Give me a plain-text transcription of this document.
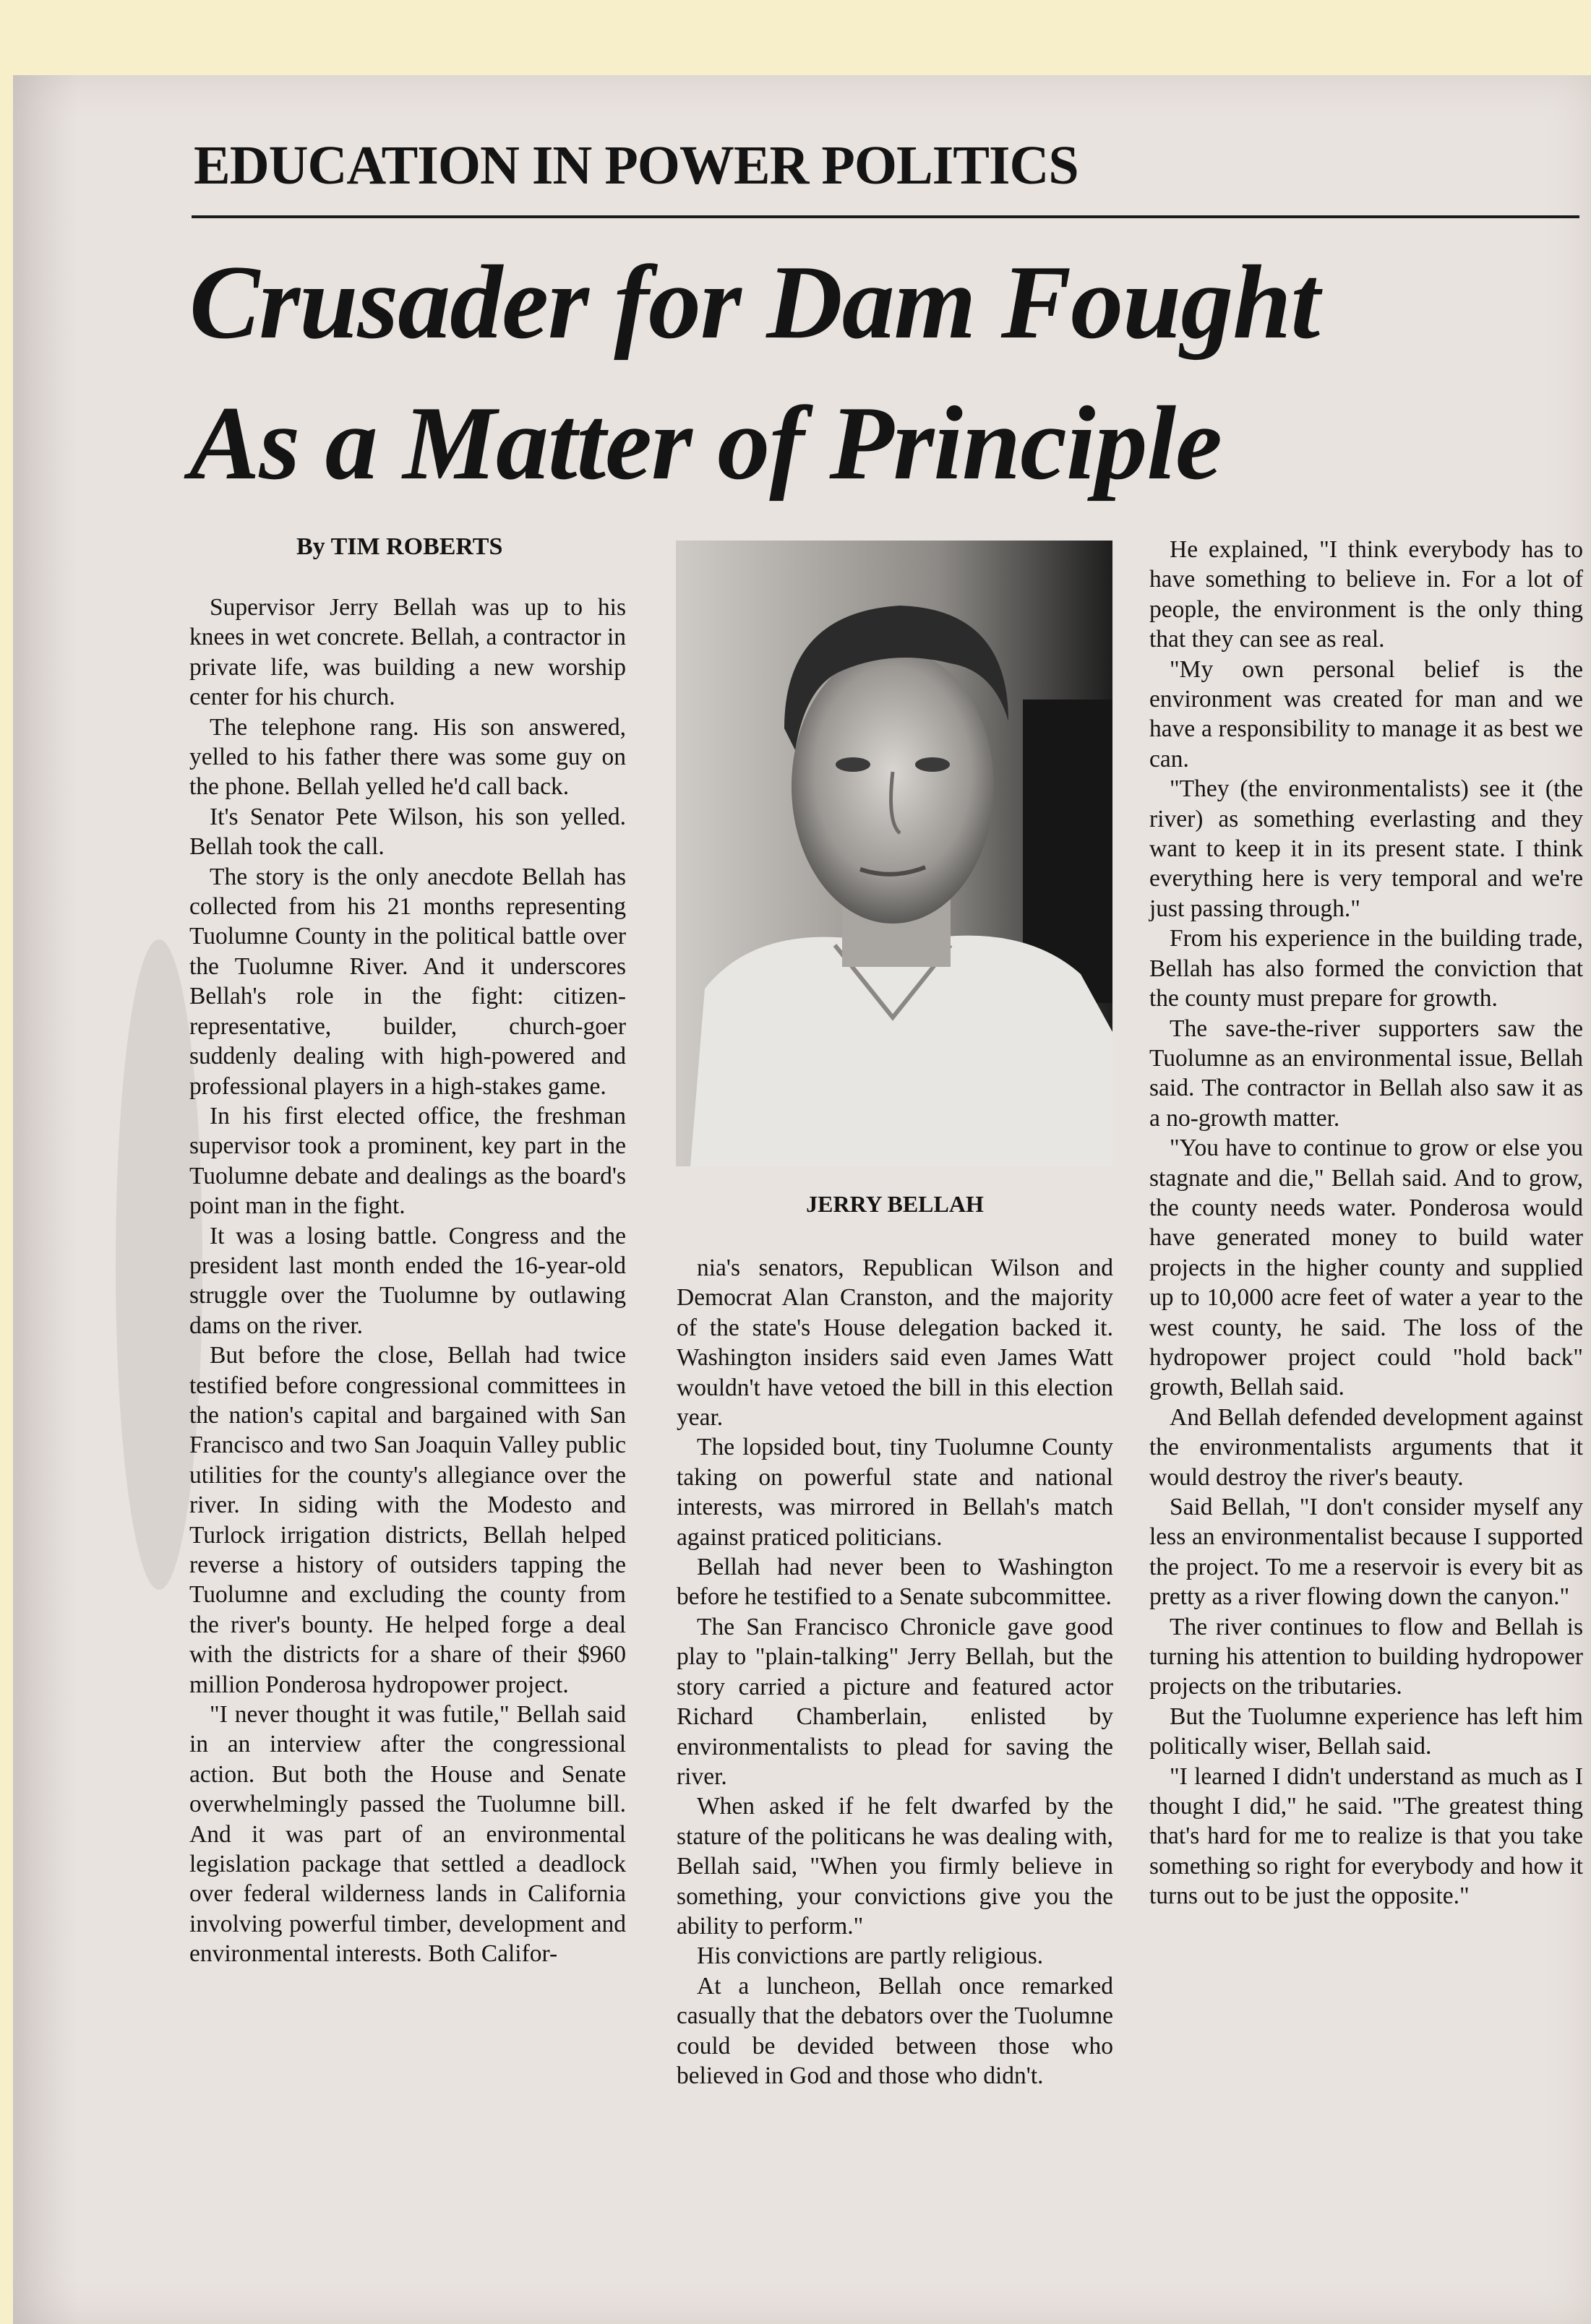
EDUCATION IN POWER POLITICS
Crusader for Dam Fought
As a Matter of Principle
By TIM ROBERTS

Supervisor Jerry Bellah was up to his knees in wet concrete. Bellah, a contractor in private life, was building a new worship center for his church.

The telephone rang. His son answered, yelled to his father there was some guy on the phone. Bellah yelled he'd call back.

It's Senator Pete Wilson, his son yelled. Bellah took the call.

The story is the only anecdote Bellah has collected from his 21 months representing Tuolumne County in the political battle over the Tuolumne River. And it underscores Bellah's role in the fight: citizen-representative, builder, church-goer suddenly dealing with high-powered and professional players in a high-stakes game.

In his first elected office, the freshman supervisor took a prominent, key part in the Tuolumne debate and dealings as the board's point man in the fight.

It was a losing battle. Congress and the president last month ended the 16-year-old struggle over the Tuolumne by outlawing dams on the river.

But before the close, Bellah had twice testified before congressional committees in the nation's capital and bargained with San Francisco and two San Joaquin Valley public utilities for the county's allegiance over the river. In siding with the Modesto and Turlock irrigation districts, Bellah helped reverse a history of outsiders tapping the Tuolumne and excluding the county from the river's bounty. He helped forge a deal with the districts for a share of their $960 million Ponderosa hydropower project.

"I never thought it was futile," Bellah said in an interview after the congressional action. But both the House and Senate overwhelmingly passed the Tuolumne bill. And it was part of an environmental legislation package that settled a deadlock over federal wilderness lands in California involving powerful timber, development and environmental interests. Both Califor-

JERRY BELLAH

nia's senators, Republican Wilson and Democrat Alan Cranston, and the majority of the state's House delegation backed it. Washington insiders said even James Watt wouldn't have vetoed the bill in this election year.

The lopsided bout, tiny Tuolumne County taking on powerful state and national interests, was mirrored in Bellah's match against praticed politicians.

Bellah had never been to Washington before he testified to a Senate subcommittee.

The San Francisco Chronicle gave good play to "plain-talking" Jerry Bellah, but the story carried a picture and featured actor Richard Chamberlain, enlisted by environmentalists to plead for saving the river.

When asked if he felt dwarfed by the stature of the politicans he was dealing with, Bellah said, "When you firmly believe in something, your convictions give you the ability to perform."

His convictions are partly religious.

At a luncheon, Bellah once remarked casually that the debators over the Tuolumne could be devided between those who believed in God and those who didn't.

He explained, "I think everybody has to have something to believe in. For a lot of people, the environment is the only thing that they can see as real.

"My own personal belief is the environment was created for man and we have a responsibility to manage it as best we can.

"They (the environmentalists) see it (the river) as something everlasting and they want to keep it in its present state. I think everything here is very temporal and we're just passing through."

From his experience in the building trade, Bellah has also formed the conviction that the county must prepare for growth.

The save-the-river supporters saw the Tuolumne as an environmental issue, Bellah said. The contractor in Bellah also saw it as a no-growth matter.

"You have to continue to grow or else you stagnate and die," Bellah said. And to grow, the county needs water. Ponderosa would have generated money to build water projects in the higher county and supplied up to 10,000 acre feet of water a year to the west county, he said. The loss of the hydropower project could "hold back" growth, Bellah said.

And Bellah defended development against the environmentalists arguments that it would destroy the river's beauty.

Said Bellah, "I don't consider myself any less an environmentalist because I supported the project. To me a reservoir is every bit as pretty as a river flowing down the canyon."

The river continues to flow and Bellah is turning his attention to building hydropower projects on the tributaries.

But the Tuolumne experience has left him politically wiser, Bellah said.

"I learned I didn't understand as much as I thought I did," he said. "The greatest thing that's hard for me to realize is that you take something so right for everybody and how it turns out to be just the opposite."
